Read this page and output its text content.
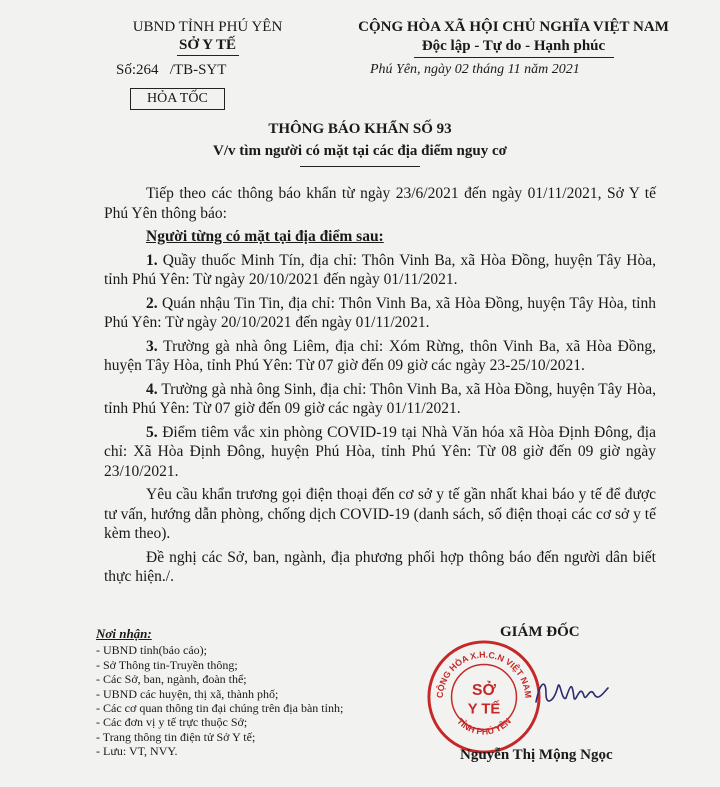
UBND TỈNH PHÚ YÊN
SỞ Y TẾ
Số:264   /TB-SYT
HỎA TỐC
CỘNG HÒA XÃ HỘI CHỦ NGHĨA VIỆT NAM
Độc lập - Tự do - Hạnh phúc
Phú Yên, ngày 02 tháng 11 năm 2021
THÔNG BÁO KHẨN SỐ 93
V/v tìm người có mặt tại các địa điểm nguy cơ

Tiếp theo các thông báo khẩn từ ngày 23/6/2021 đến ngày 01/11/2021, Sở Y tế Phú Yên thông báo:

Người từng có mặt tại địa điểm sau:

1. Quầy thuốc Minh Tín, địa chỉ: Thôn Vinh Ba, xã Hòa Đồng, huyện Tây Hòa, tỉnh Phú Yên: Từ ngày 20/10/2021 đến ngày 01/11/2021.

2. Quán nhậu Tin Tin, địa chỉ: Thôn Vinh Ba, xã Hòa Đồng, huyện Tây Hòa, tỉnh Phú Yên: Từ ngày 20/10/2021 đến ngày 01/11/2021.

3. Trường gà nhà ông Liêm, địa chỉ: Xóm Rừng, thôn Vinh Ba, xã Hòa Đồng, huyện Tây Hòa, tỉnh Phú Yên: Từ 07 giờ đến 09 giờ các ngày 23-25/10/2021.

4. Trường gà nhà ông Sinh, địa chỉ: Thôn Vinh Ba, xã Hòa Đồng, huyện Tây Hòa, tỉnh Phú Yên: Từ 07 giờ đến 09 giờ các ngày 01/11/2021.

5. Điểm tiêm vắc xin phòng COVID-19 tại Nhà Văn hóa xã Hòa Định Đông, địa chỉ: Xã Hòa Định Đông, huyện Phú Hòa, tỉnh Phú Yên: Từ 08 giờ đến 09 giờ ngày 23/10/2021.

Yêu cầu khẩn trương gọi điện thoại đến cơ sở y tế gần nhất khai báo y tế để được tư vấn, hướng dẫn phòng, chống dịch COVID-19 (danh sách, số điện thoại các cơ sở y tế kèm theo).

Đề nghị các Sở, ban, ngành, địa phương phối hợp thông báo đến người dân biết thực hiện./.

Nơi nhận:
- UBND tỉnh(báo cáo);
- Sở Thông tin-Truyền thông;
- Các Sở, ban, ngành, đoàn thể;
- UBND các huyện, thị xã, thành phố;
- Các cơ quan thông tin đại chúng trên địa bàn tỉnh;
- Các đơn vị y tế trực thuộc Sở;
- Trang thông tin điện tử Sở Y tế;
- Lưu: VT, NVY.
GIÁM ĐỐC
CỘNG HÒA X.H.C.N VIỆT NAM
TỈNH PHÚ YÊN
SỞ
Y TẾ
Nguyễn Thị Mộng Ngọc
